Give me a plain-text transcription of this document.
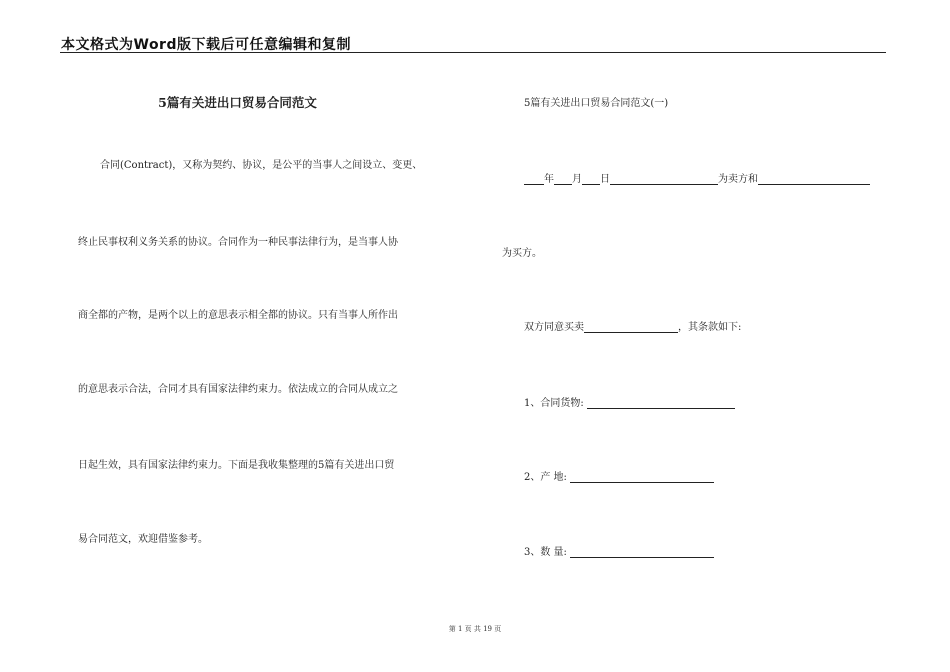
本文格式为Word版下载后可任意编辑和复制
5篇有关进出口贸易合同范文
合同(Contract)，又称为契约、协议，是公平的当事人之间设立、变更、
终止民事权利义务关系的协议。合同作为一种民事法律行为，是当事人协
商全都的产物，是两个以上的意思表示相全都的协议。只有当事人所作出
的意思表示合法，合同才具有国家法律约束力。依法成立的合同从成立之
日起生效，具有国家法律约束力。下面是我收集整理的5篇有关进出口贸
易合同范文，欢迎借鉴参考。
5篇有关进出口贸易合同范文(一)
年 月 日	为卖方和
为买方。
双方同意买卖	，其条款如下:
1、合同货物:
2、产 地:
3、数 量:
第 1 页 共 19 页
